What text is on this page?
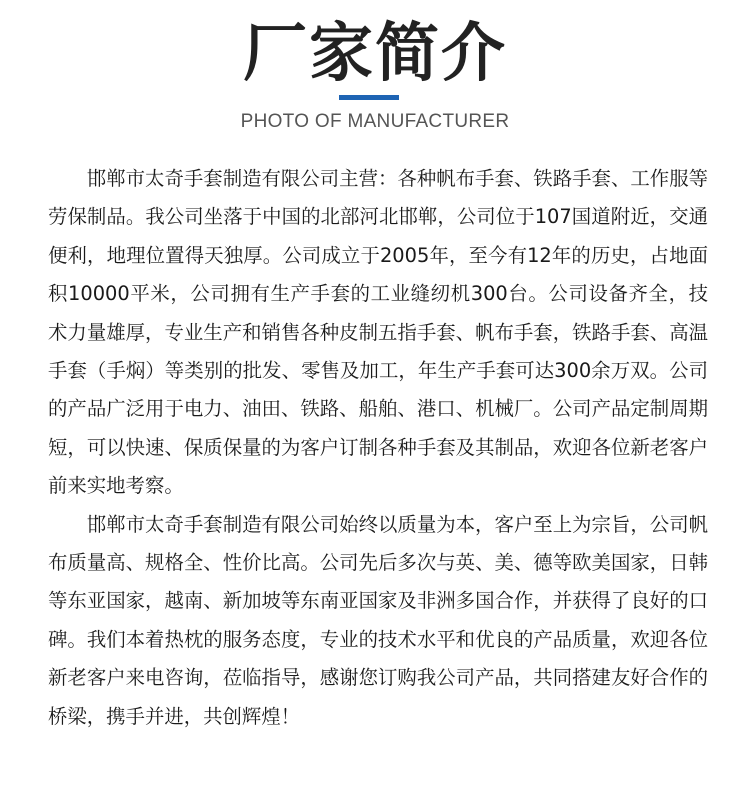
厂家简介
PHOTO OF MANUFACTURER

邯郸市太奇手套制造有限公司主营：各种帆布手套、铁路手套、工作服等劳保制品。我公司坐落于中国的北部河北邯郸，公司位于107国道附近，交通便利，地理位置得天独厚。公司成立于2005年，至今有12年的历史，占地面积10000平米，公司拥有生产手套的工业缝纫机300台。公司设备齐全，技术力量雄厚，专业生产和销售各种皮制五指手套、帆布手套，铁路手套、高温手套（手焖）等类别的批发、零售及加工，年生产手套可达300余万双。公司的产品广泛用于电力、油田、铁路、船舶、港口、机械厂。公司产品定制周期短，可以快速、保质保量的为客户订制各种手套及其制品，欢迎各位新老客户前来实地考察。

邯郸市太奇手套制造有限公司始终以质量为本，客户至上为宗旨，公司帆布质量高、规格全、性价比高。公司先后多次与英、美、德等欧美国家，日韩等东亚国家，越南、新加坡等东南亚国家及非洲多国合作，并获得了良好的口碑。我们本着热枕的服务态度，专业的技术水平和优良的产品质量，欢迎各位新老客户来电咨询，莅临指导，感谢您订购我公司产品，共同搭建友好合作的桥梁，携手并进，共创辉煌！
